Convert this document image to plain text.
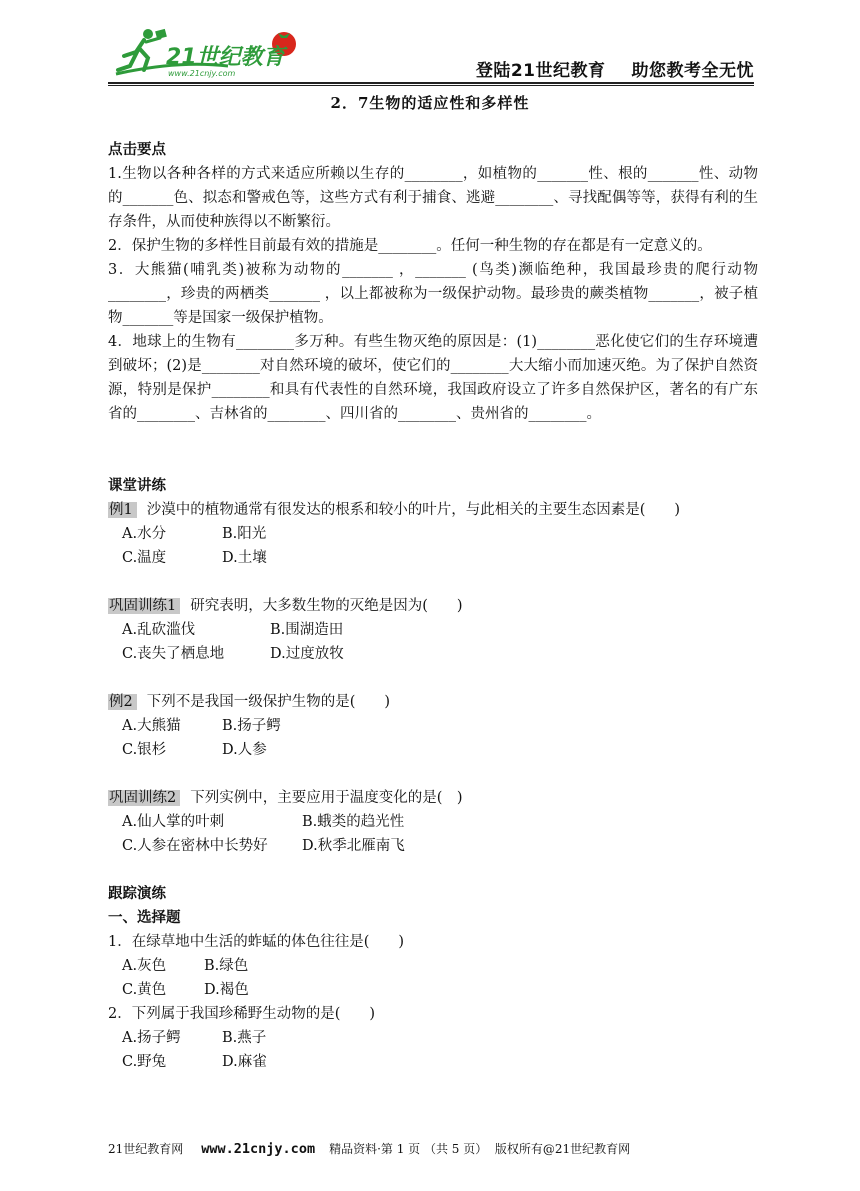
21世纪教育
www.21cnjy.com	登陆21世纪教育 助您教考全无忧
2．7生物的适应性和多样性
点击要点

1.生物以各种各样的方式来适应所赖以生存的________，如植物的_______性、根的_______性、动物的_______色、拟态和警戒色等，这些方式有利于捕食、逃避________、寻找配偶等等，获得有利的生存条件，从而使种族得以不断繁衍。

2．保护生物的多样性目前最有效的措施是________。任何一种生物的存在都是有一定意义的。

3．大熊猫(哺乳类)被称为动物的_______ ，_______ (鸟类)濒临绝种，我国最珍贵的爬行动物________，珍贵的两栖类_______ ，以上都被称为一级保护动物。最珍贵的蕨类植物_______，被子植物_______等是国家一级保护植物。

4．地球上的生物有________多万种。有些生物灭绝的原因是：(1)________恶化使它们的生存环境遭到破坏；(2)是________对自然环境的破坏，使它们的________大大缩小而加速灭绝。为了保护自然资源，特别是保护________和具有代表性的自然环境，我国政府设立了许多自然保护区，著名的有广东省的________、吉林省的________、四川省的________、贵州省的________。

课堂讲练
例1 沙漠中的植物通常有很发达的根系和较小的叶片，与此相关的主要生态因素是(　　)
A.水分	B.阳光
C.温度	D.土壤
巩固训练1 研究表明，大多数生物的灭绝是因为(　　)
A.乱砍滥伐	B.围湖造田
C.丧失了栖息地	D.过度放牧
例2 下列不是我国一级保护生物的是(　　)
A.大熊猫	B.扬子鳄
C.银杉	D.人参
巩固训练2 下列实例中，主要应用于温度变化的是(　)
A.仙人掌的叶刺	B.蛾类的趋光性
C.人参在密林中长势好 D.秋季北雁南飞
跟踪演练
一、选择题
1．在绿草地中生活的蚱蜢的体色往往是(　　)
A.灰色	B.绿色
C.黄色	D.褐色
2．下列属于我国珍稀野生动物的是(　　)
A.扬子鳄	B.燕子
C.野兔	D.麻雀
21世纪教育网 www.21cnjy.com 精品资料·第 1 页 （共 5 页） 版权所有@21世纪教育网
